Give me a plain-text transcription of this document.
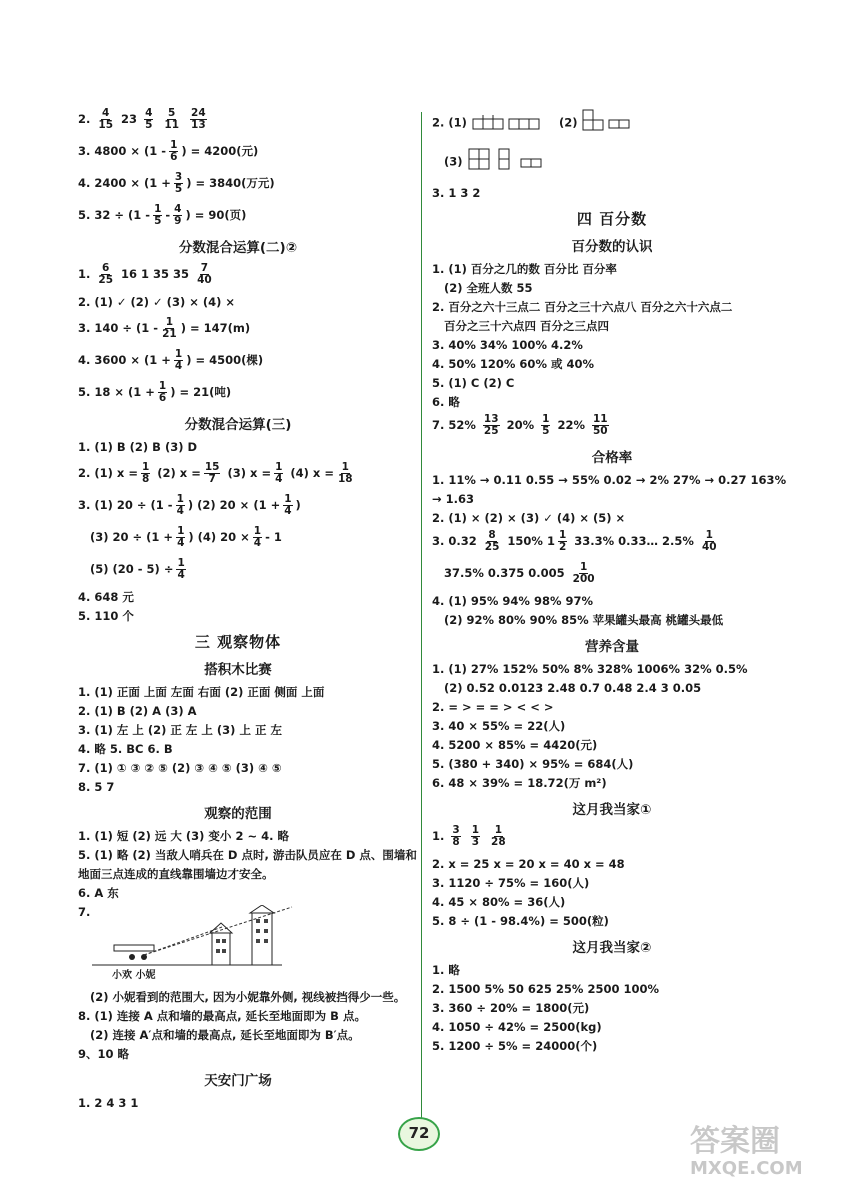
2. $\frac{4}{15} 23 \frac{4}{5}$
$\frac{5}{11}$
$\frac{24}{13}$
3. $4800 \times (1 - \frac{1}{6}$ ) = 4200(元)
4. $2400 \times (1 + \frac{3}{5}$ ) = 3840(万元)
5. $32 \div (1 - \frac{1}{5} - \frac{4}{9}$ ) = 90(页)
分数混合运算(二)②
1. $\frac{6}{25} 16$ 1 35 $35 \frac{7}{40}$
2. (1) ✓ (2) ✓ (3) × (4) ×
3. $140 \div (1 - \frac{1}{21}$ ) = 147(m)
4. $3600 \times (1 + \frac{1}{4}$ ) = 4500(棵)
5. $18 \times (1 + \frac{1}{6}$ ) = 21(吨)
分数混合运算(三)
1. (1) B (2) B (3) D
2. (1) $x = \frac{1}{8} (2) x = \frac{15}{7} (3) x = \frac{1}{4} (4) x = \frac{1}{18}$
3. (1) $20 \div (1 - \frac{1}{4}$ ) (2) $20 \times (1 + \frac{1}{4}$ )
(3) $20 \div (1 + \frac{1}{4}$ ) (4) $20 \times \frac{1}{4} - 1$
(5) $(20 - 5) \div \frac{1}{4}$
4. 648 元
5. 110 个
三 观察物体
搭积木比赛
1. (1) 正面 上面 左面 右面 (2) 正面 侧面 上面
2. (1) B (2) A (3) A
3. (1) 左 上 (2) 正 左 上 (3) 上 正 左
4. 略 5. BC 6. B
7. (1) ① ③ ② ⑤ (2) ③ ④ ⑤ (3) ④ ⑤
8. 5 7
观察的范围
1. (1) 短 (2) 远 大 (3) 变小 2 ~ 4. 略
5. (1) 略 (2) 当敌人哨兵在 D 点时, 游击队员应在 D 点、围墙和
地面三点连成的直线靠围墙边才安全。
6. A 东
7.
小欢 小妮
(2) 小妮看到的范围大, 因为小妮靠外侧, 视线被挡得少一些。
8. (1) 连接 A 点和墙的最高点, 延长至地面即为 B 点。
(2) 连接 A′点和墙的最高点, 延长至地面即为 B′点。
9、10 略
天安门广场
1. 2 4 3 1
2. (1)	(2)
(3)
3. 1 3 2
四 百分数
百分数的认识
1. (1) 百分之几的数 百分比 百分率
(2) 全班人数 55
2. 百分之六十三点二 百分之三十六点八 百分之六十六点二
百分之三十六点四 百分之三点四
3. 40% 34% 100% 4.2%
4. 50% 120% 60% 或 40%
5. (1) C (2) C
6. 略
7. $52\% \frac{13}{25} 20\% \frac{1}{5} 22\% \frac{11}{50}$
合格率
1. 11% → 0.11 0.55 → 55% 0.02 → 2% 27% → 0.27 163%
→ 1.63
2. (1) × (2) × (3) ✓ (4) × (5) ×
3. $0.32 \frac{8}{25} 150\%$ $1 \frac{1}{2} 33.3\%$ 0.33… $2.5\% \frac{1}{40}$
37.5% 0.375 $0.005 \frac{1}{200}$
4. (1) 95% 94% 98% 97%
(2) 92% 80% 90% 85% 苹果罐头最高 桃罐头最低
营养含量
1. (1) 27% 152% 50% 8% 328% 1006% 32% 0.5%
(2) 0.52 0.0123 2.48 0.7 0.48 2.4 3 0.05
2. = > = = > < < >
3. 40 × 55% = 22(人)
4. 5200 × 85% = 4420(元)
5. (380 + 340) × 95% = 684(人)
6. 48 × 39% = 18.72(万 m²)
这月我当家①
1. $\frac{3}{8}$
$\frac{1}{3}$
$\frac{1}{28}$
2. x = 25 x = 20 x = 40 x = 48
3. 1120 ÷ 75% = 160(人)
4. 45 × 80% = 36(人)
5. 8 ÷ (1 - 98.4%) = 500(粒)
这月我当家②
1. 略
2. 1500 5% 50 625 25% 2500 100%
3. 360 ÷ 20% = 1800(元)
4. 1050 ÷ 42% = 2500(kg)
5. 1200 ÷ 5% = 24000(个)
72	答案圈
MXQE.COM
